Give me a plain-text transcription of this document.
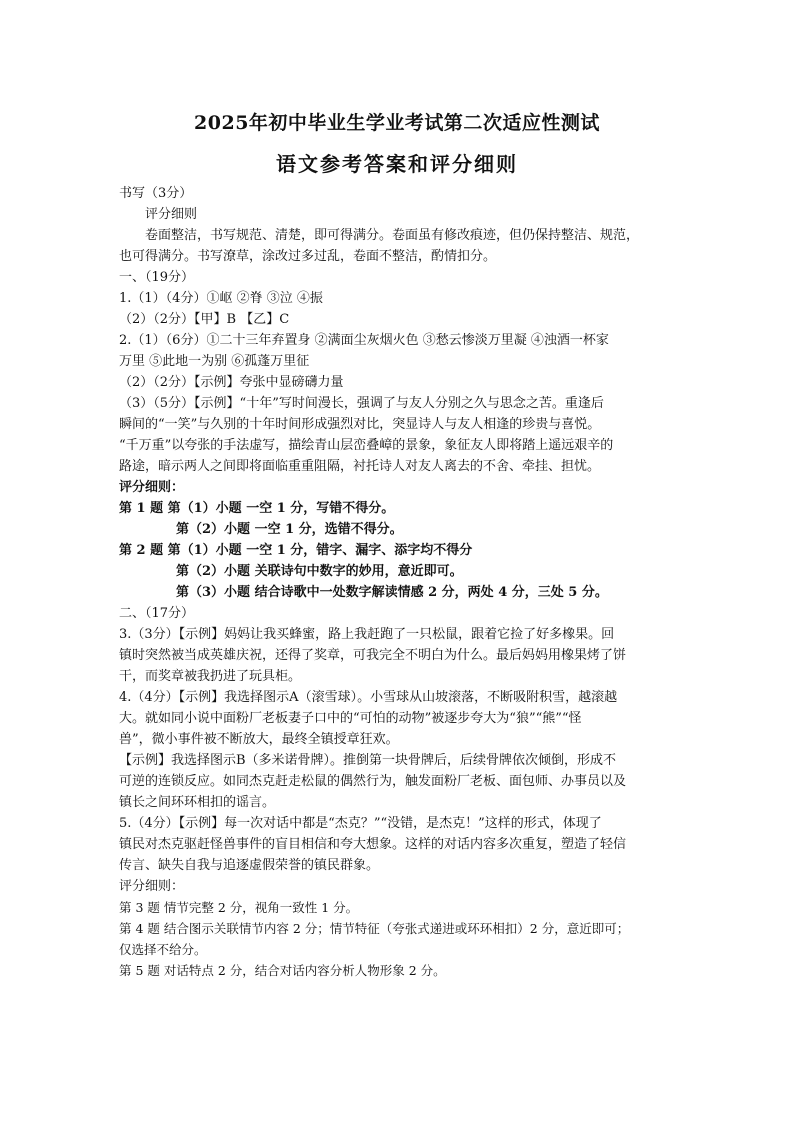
2025年初中毕业生学业考试第二次适应性测试
语文参考答案和评分细则
书写（3分）
评分细则
卷面整洁，书写规范、清楚，即可得满分。卷面虽有修改痕迹，但仍保持整洁、规范，
也可得满分。书写潦草，涂改过多过乱，卷面不整洁，酌情扣分。
一、（19分）
1.（1）（4分）①岖 ②脊 ③泣 ④振
（2）（2分）【甲】B 【乙】C
2.（1）（6分）①二十三年弃置身 ②满面尘灰烟火色 ③愁云惨淡万里凝 ④浊酒一杯家
万里 ⑤此地一为别 ⑥孤蓬万里征
（2）（2分）【示例】夸张中显磅礴力量
（3）（5分）【示例】“十年”写时间漫长，强调了与友人分别之久与思念之苦。重逢后
瞬间的“一笑”与久别的十年时间形成强烈对比，突显诗人与友人相逢的珍贵与喜悦。
“千万重”以夸张的手法虚写，描绘青山层峦叠嶂的景象，象征友人即将踏上遥远艰辛的
路途，暗示两人之间即将面临重重阻隔，衬托诗人对友人离去的不舍、牵挂、担忧。
评分细则：
第 1 题 第（1）小题 一空 1 分，写错不得分。
第（2）小题 一空 1 分，选错不得分。
第 2 题 第（1）小题 一空 1 分，错字、漏字、添字均不得分
第（2）小题 关联诗句中数字的妙用，意近即可。
第（3）小题 结合诗歌中一处数字解读情感 2 分，两处 4 分，三处 5 分。
二、（17分）
3.（3分）【示例】妈妈让我买蜂蜜，路上我赶跑了一只松鼠，跟着它捡了好多橡果。回
镇时突然被当成英雄庆祝，还得了奖章，可我完全不明白为什么。最后妈妈用橡果烤了饼
干，而奖章被我扔进了玩具柜。
4.（4分）【示例】我选择图示A（滚雪球）。小雪球从山坡滚落，不断吸附积雪，越滚越
大。就如同小说中面粉厂老板妻子口中的“可怕的动物”被逐步夸大为“狼”“熊”“怪
兽”，微小事件被不断放大，最终全镇授章狂欢。
【示例】我选择图示B（多米诺骨牌）。推倒第一块骨牌后，后续骨牌依次倾倒，形成不
可逆的连锁反应。如同杰克赶走松鼠的偶然行为，触发面粉厂老板、面包师、办事员以及
镇长之间环环相扣的谣言。
5.（4分）【示例】每一次对话中都是“杰克？”“没错，是杰克！”这样的形式，体现了
镇民对杰克驱赶怪兽事件的盲目相信和夸大想象。这样的对话内容多次重复，塑造了轻信
传言、缺失自我与追逐虚假荣誉的镇民群象。
评分细则：
第 3 题 情节完整 2 分，视角一致性 1 分。
第 4 题 结合图示关联情节内容 2 分；情节特征（夸张式递进或环环相扣）2 分，意近即可；
仅选择不给分。
第 5 题 对话特点 2 分，结合对话内容分析人物形象 2 分。
